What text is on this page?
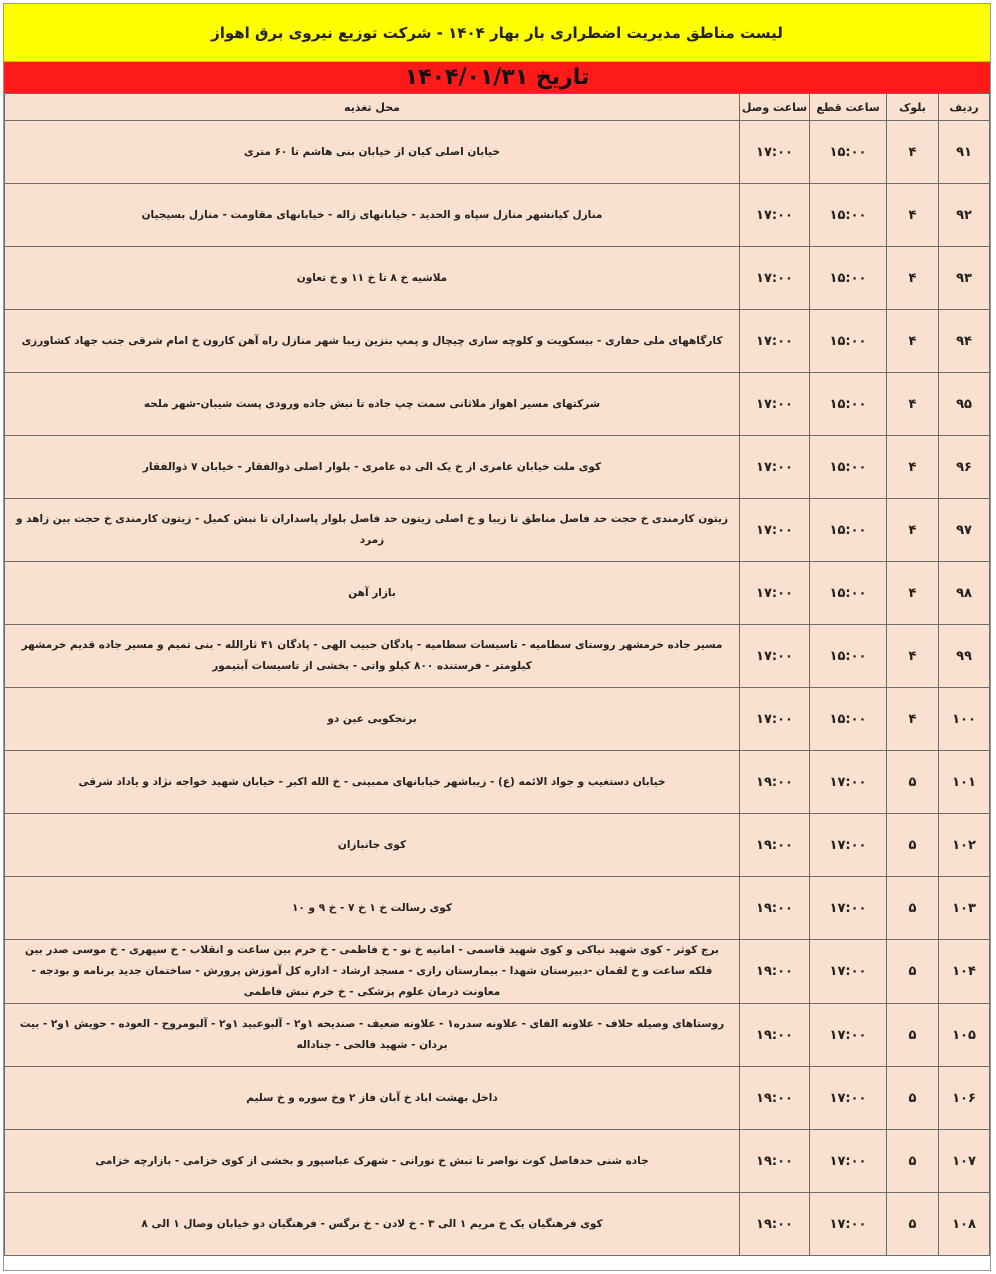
لیست مناطق مدیریت اضطراری بار بهار ۱۴۰۴ - شرکت توزیع نیروی برق اهواز
تاریخ ۱۴۰۴/۰۱/۳۱
ردیف	بلوک	ساعت قطع	ساعت وصل	محل تغذیه
۹۱	۴	۱۵:۰۰	۱۷:۰۰	خیابان اصلی کیان از خیابان بنی هاشم تا ۶۰ متری
۹۲	۴	۱۵:۰۰	۱۷:۰۰	منازل کیانشهر منازل سپاه و الحدید - خیابانهای زاله - خیابانهای مقاومت - منازل بسیجیان
۹۳	۴	۱۵:۰۰	۱۷:۰۰	ملاشیه خ ۸ تا خ ۱۱ و خ تعاون
۹۴	۴	۱۵:۰۰	۱۷:۰۰	کارگاههای ملی حفاری - بیسکویت و کلوچه سازی چیچال و پمپ بنزین زیبا شهر منازل راه آهن کارون خ امام شرقی جنب جهاد کشاورزی
۹۵	۴	۱۵:۰۰	۱۷:۰۰	شرکتهای مسیر اهواز ملاثانی سمت چپ جاده تا نبش جاده ورودی پست شیبان-شهر ملحه
۹۶	۴	۱۵:۰۰	۱۷:۰۰	کوی ملت خیابان عامری از خ یک الی ده عامری - بلوار اصلی ذوالفقار - خیابان ۷ ذوالفقار
۹۷	۴	۱۵:۰۰	۱۷:۰۰	زیتون کارمندی خ حجت حد فاصل مناطق تا زیبا و خ اصلی زیتون حد فاصل بلوار پاسداران تا نبش کمیل - زیتون کارمندی خ حجت بین زاهد و زمرد
۹۸	۴	۱۵:۰۰	۱۷:۰۰	بازار آهن
۹۹	۴	۱۵:۰۰	۱۷:۰۰	مسیر جاده خرمشهر روستای سطامیه - تاسیسات سطامیه - پادگان حبیب الهی - پادگان ۴۱ ثارالله - بنی تمیم و مسیر جاده قدیم خرمشهر کیلومتر - فرستنده ۸۰۰ کیلو واتی - بخشی از تاسیسات آبتیمور
۱۰۰	۴	۱۵:۰۰	۱۷:۰۰	برنجکوبی عین دو
۱۰۱	۵	۱۷:۰۰	۱۹:۰۰	خیابان دستغیب و جواد الائمه (ع) - زیباشهر خیابانهای ممبینی - خ الله اکبر - خیابان شهید خواجه نژاد و یاداد شرقی
۱۰۲	۵	۱۷:۰۰	۱۹:۰۰	کوی جانبازان
۱۰۳	۵	۱۷:۰۰	۱۹:۰۰	کوی رسالت خ ۱ خ ۷ - خ ۹ و ۱۰
۱۰۴	۵	۱۷:۰۰	۱۹:۰۰	برج کوثر - کوی شهید نیاکی و کوی شهید قاسمی - امانیه خ نو - خ فاطمی - خ خرم بین ساعت و انقلاب - خ سپهری - خ موسی صدر بین فلکه ساعت و خ لقمان -دبیرستان شهدا - بیمارستان رازی - مسجد ارشاد - اداره کل آموزش پرورش - ساختمان جدید برنامه و بودجه - معاونت درمان علوم پزشکی - خ خرم نبش فاطمی
۱۰۵	۵	۱۷:۰۰	۱۹:۰۰	روستاهای وصیله حلاف - علاونه الفای - علاونه سدره۱ - علاونه ضعیف - صندیحه ۱و۲ - آلبوعبید ۱و۲ - آلبومروح - العوده - حویش ۱و۲ - بیت بردان - شهید فالحی - جناداله
۱۰۶	۵	۱۷:۰۰	۱۹:۰۰	داخل بهشت اباد خ آبان فاز ۲ وخ سوره و خ سلیم
۱۰۷	۵	۱۷:۰۰	۱۹:۰۰	جاده شنی حدفاصل کوت نواصر تا نبش خ نورانی - شهرک عباسپور و بخشی از کوی خزامی - بازارچه خزامی
۱۰۸	۵	۱۷:۰۰	۱۹:۰۰	کوی فرهنگیان یک خ مریم ۱ الی ۳ - خ لادن - خ نرگس - فرهنگیان دو خیابان وصال ۱ الی ۸
